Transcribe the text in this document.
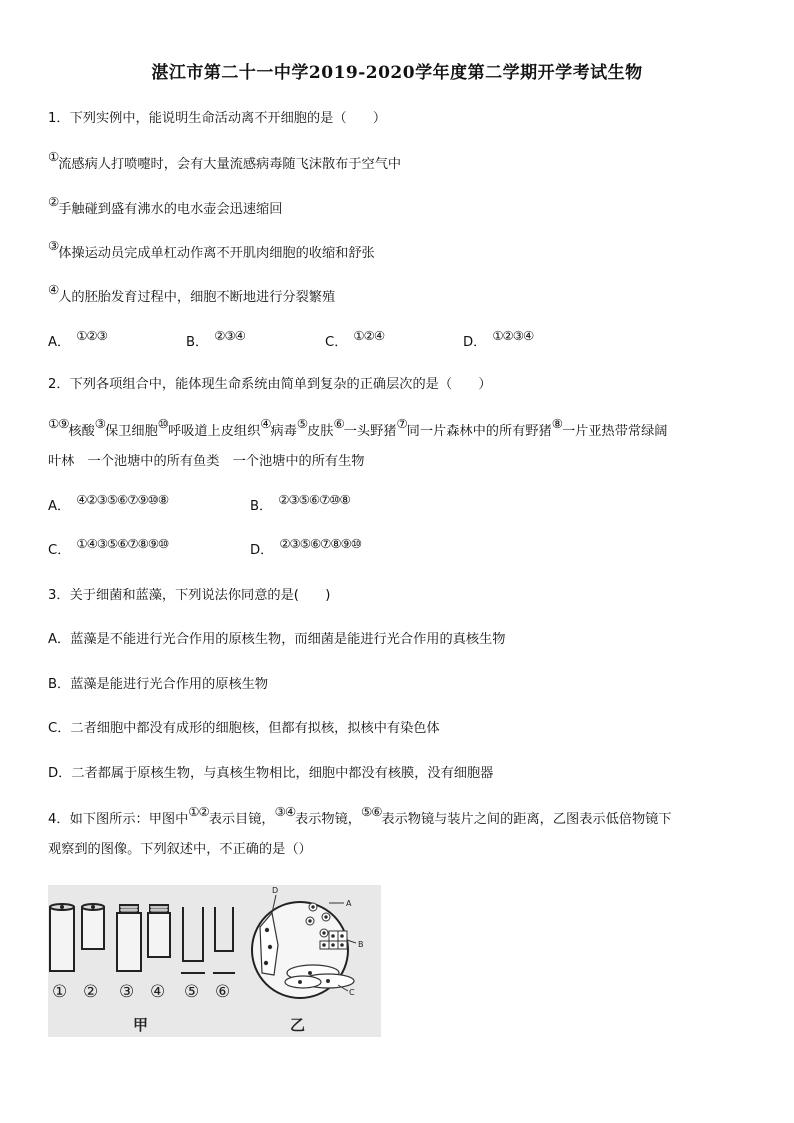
湛江市第二十一中学2019-2020学年度第二学期开学考试生物
1．下列实例中，能说明生命活动离不开细胞的是（　　）
①流感病人打喷嚏时，会有大量流感病毒随飞沫散布于空气中
②手触碰到盛有沸水的电水壶会迅速缩回
③体操运动员完成单杠动作离不开肌肉细胞的收缩和舒张
④人的胚胎发育过程中，细胞不断地进行分裂繁殖
A． ①②③	B． ②③④	C． ①②④	D． ①②③④
2．下列各项组合中，能体现生命系统由简单到复杂的正确层次的是（　　）
①⑨核酸③保卫细胞⑩呼吸道上皮组织④病毒⑤皮肤⑥一头野猪⑦同一片森林中的所有野猪⑧一片亚热带常绿阔
叶林　一个池塘中的所有鱼类　一个池塘中的所有生物
A． ④②③⑤⑥⑦⑨⑩⑧	B． ②③⑤⑥⑦⑩⑧
C． ①④③⑤⑥⑦⑧⑨⑩	D． ②③⑤⑥⑦⑧⑨⑩
3．关于细菌和蓝藻，下列说法你同意的是(　　)
A．蓝藻是不能进行光合作用的原核生物，而细菌是能进行光合作用的真核生物
B．蓝藻是能进行光合作用的原核生物
C．二者细胞中都没有成形的细胞核，但都有拟核，拟核中有染色体
D．二者都属于原核生物，与真核生物相比，细胞中都没有核膜，没有细胞器
4．如下图所示：甲图中①②表示目镜，③④表示物镜，⑤⑥表示物镜与装片之间的距离，乙图表示低倍物镜下
观察到的图像。下列叙述中，不正确的是（）
① ② ③ ④ ⑤ ⑥
甲
D
A
B
C
乙
